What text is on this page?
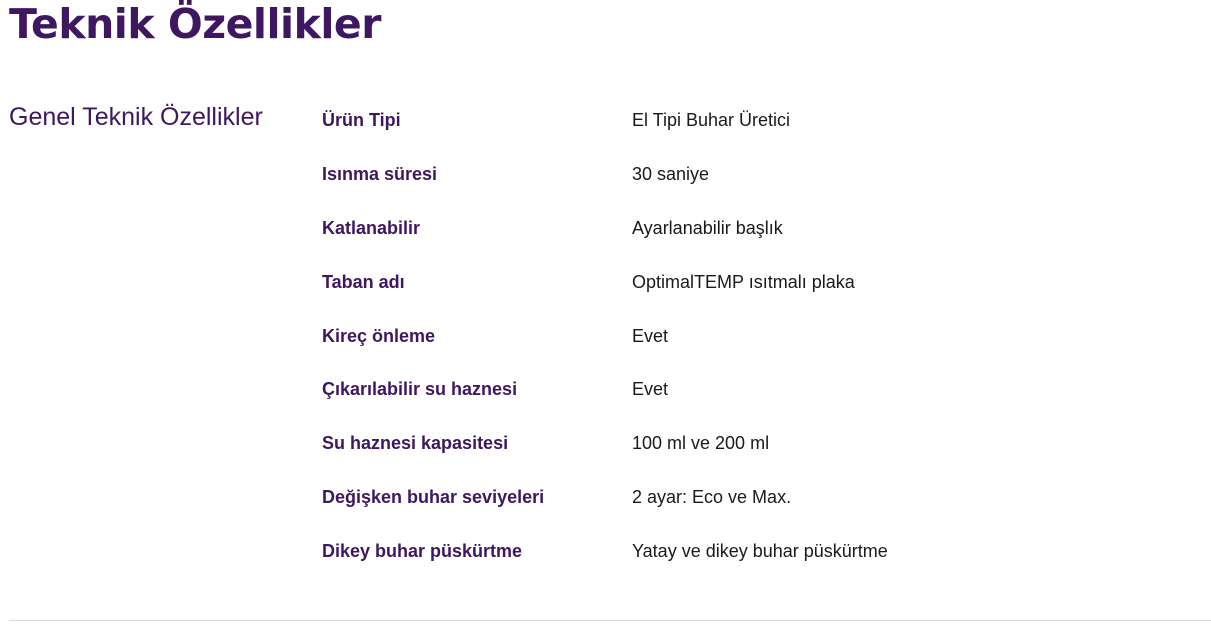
Teknik Özellikler
Genel Teknik Özellikler	Ürün Tipi	El Tipi Buhar Üretici
Isınma süresi	30 saniye
Katlanabilir	Ayarlanabilir başlık
Taban adı	OptimalTEMP ısıtmalı plaka
Kireç önleme	Evet
Çıkarılabilir su haznesi	Evet
Su haznesi kapasitesi	100 ml ve 200 ml
Değişken buhar seviyeleri	2 ayar: Eco ve Max.
Dikey buhar püskürtme	Yatay ve dikey buhar püskürtme
